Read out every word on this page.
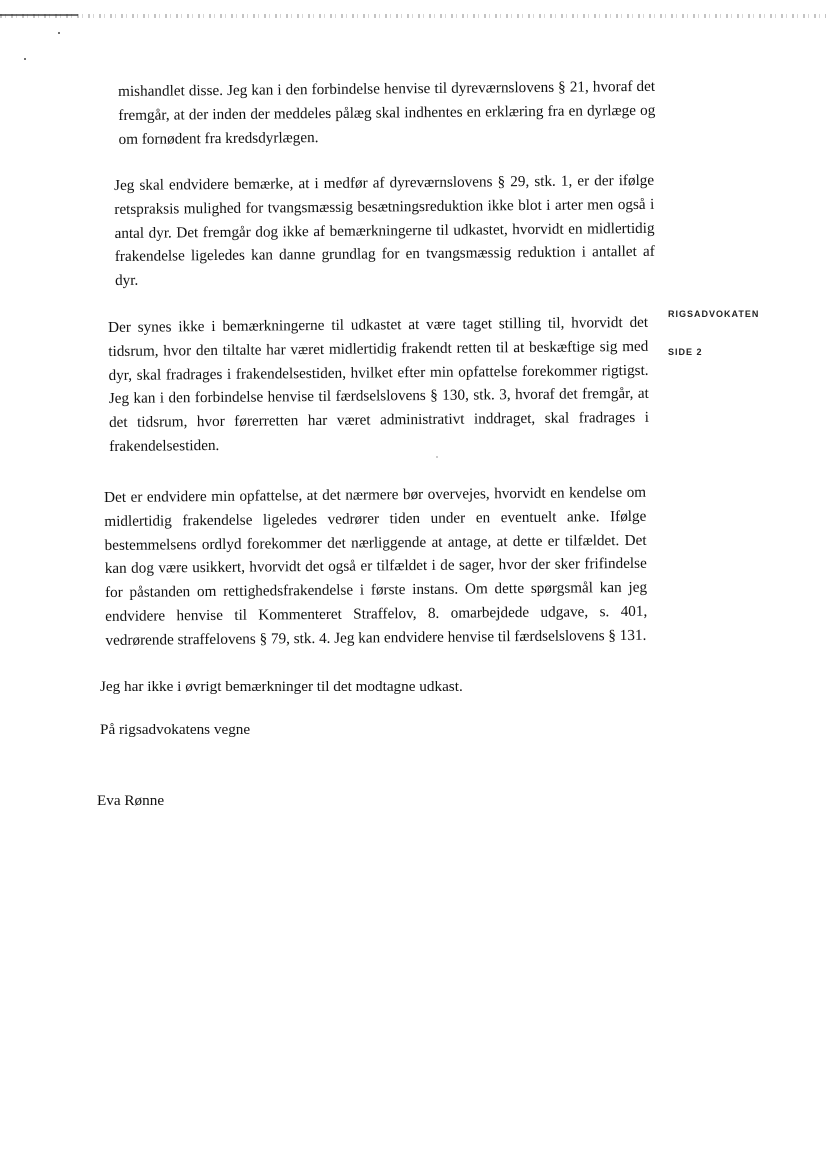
mishandlet disse. Jeg kan i den forbindelse henvise til dyreværnslovens § 21, hvoraf det fremgår, at der inden der meddeles pålæg skal indhentes en erklæring fra en dyrlæge og om fornødent fra kredsdyrlægen.

Jeg skal endvidere bemærke, at i medfør af dyreværnslovens § 29, stk. 1, er der ifølge retspraksis mulighed for tvangsmæssig besætningsreduktion ikke blot i arter men også i antal dyr. Det fremgår dog ikke af bemærkningerne til udkastet, hvorvidt en midlertidig frakendelse ligeledes kan danne grundlag for en tvangsmæssig reduktion i antallet af dyr.

Der synes ikke i bemærkningerne til udkastet at være taget stilling til, hvorvidt det tidsrum, hvor den tiltalte har været midlertidig frakendt retten til at beskæftige sig med dyr, skal fradrages i frakendelsestiden, hvilket efter min opfattelse forekommer rigtigst. Jeg kan i den forbindelse henvise til færdselslovens § 130, stk. 3, hvoraf det fremgår, at det tidsrum, hvor førerretten har været administrativt inddraget, skal fradrages i frakendelsestiden.

Det er endvidere min opfattelse, at det nærmere bør overvejes, hvorvidt en kendelse om midlertidig frakendelse ligeledes vedrører tiden under en eventuelt anke. Ifølge bestemmelsens ordlyd forekommer det nærliggende at antage, at dette er tilfældet. Det kan dog være usikkert, hvorvidt det også er tilfældet i de sager, hvor der sker frifindelse for påstanden om rettighedsfrakendelse i første instans. Om dette spørgsmål kan jeg endvidere henvise til Kommenteret Straffelov, 8. omarbejdede udgave, s. 401, vedrørende straffelovens § 79, stk. 4. Jeg kan endvidere henvise til færdselslovens § 131.

Jeg har ikke i øvrigt bemærkninger til det modtagne udkast.

På rigsadvokatens vegne

Eva Rønne

RIGSADVOKATEN
SIDE 2
